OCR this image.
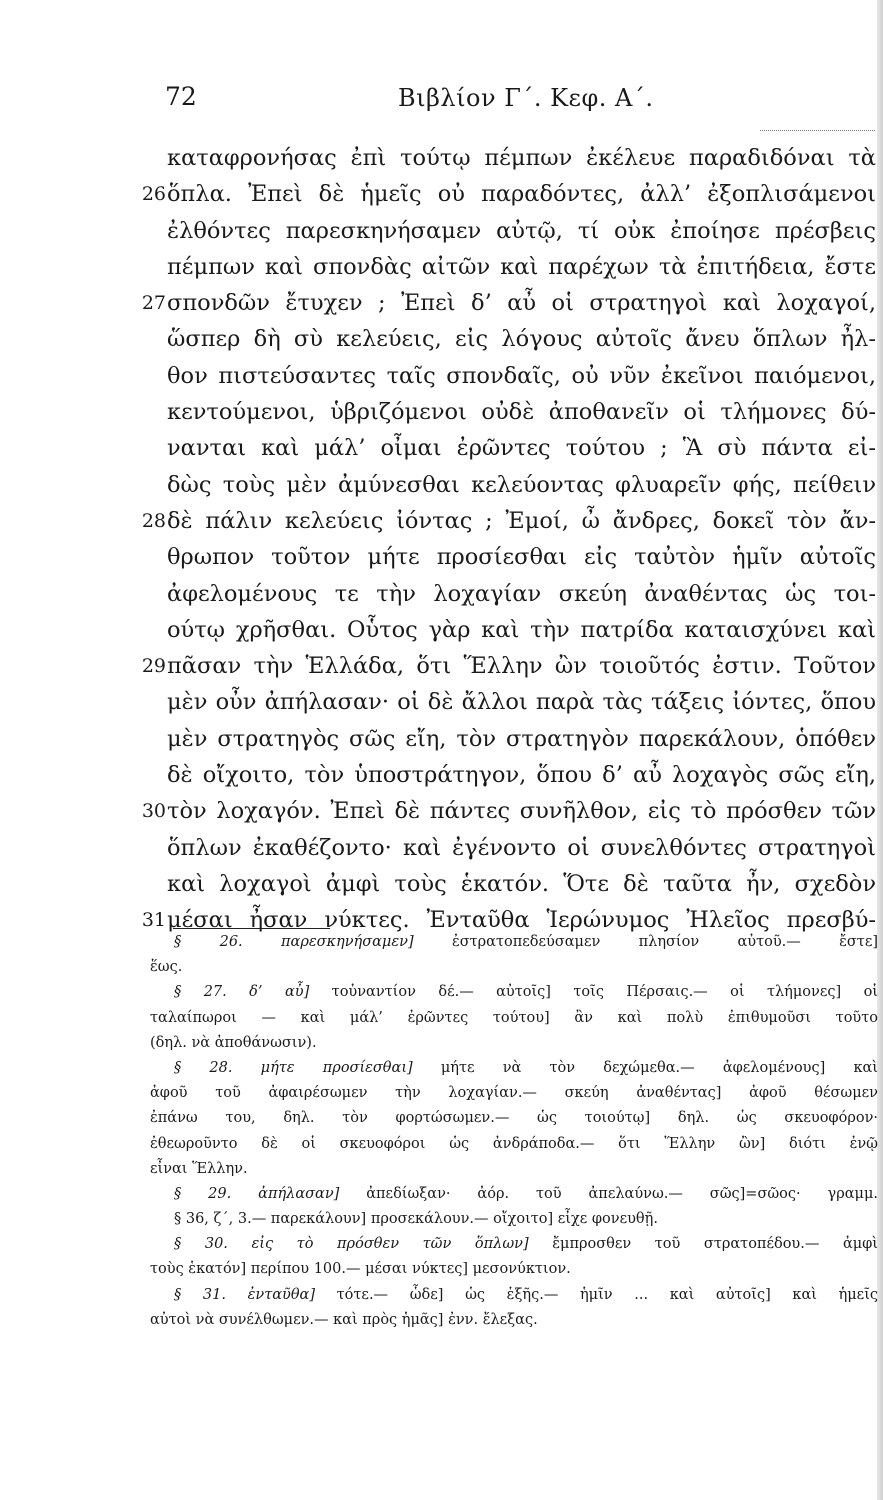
72	Βιβλίον Γ΄. Κεφ. Α΄.
καταφρονήσας ἐπὶ τούτῳ πέμπων ἐκέλευε παραδιδόναι τὰ
26 ὅπλα. Ἐπεὶ δὲ ἡμεῖς οὐ παραδόντες, ἀλλ’ ἐξοπλισάμενοι
ἐλθόντες παρεσκηνήσαμεν αὐτῷ, τί οὐκ ἐποίησε πρέσβεις
πέμπων καὶ σπονδὰς αἰτῶν καὶ παρέχων τὰ ἐπιτήδεια, ἔστε
27 σπονδῶν ἔτυχεν ; Ἐπεὶ δ’ αὖ οἱ στρατηγοὶ καὶ λοχαγοί,
ὥσπερ δὴ σὺ κελεύεις, εἰς λόγους αὐτοῖς ἄνευ ὅπλων ἦλ-
θον πιστεύσαντες ταῖς σπονδαῖς, οὐ νῦν ἐκεῖνοι παιόμενοι,
κεντούμενοι, ὑβριζόμενοι οὐδὲ ἀποθανεῖν οἱ τλήμονες δύ-
νανται καὶ μάλ’ οἶμαι ἐρῶντες τούτου ; Ἃ σὺ πάντα εἰ-
δὼς τοὺς μὲν ἀμύνεσθαι κελεύοντας φλυαρεῖν φής, πείθειν
28 δὲ πάλιν κελεύεις ἰόντας ; Ἐμοί, ὦ ἄνδρες, δοκεῖ τὸν ἄν-
θρωπον τοῦτον μήτε προσίεσθαι εἰς ταὐτὸν ἡμῖν αὐτοῖς
ἀφελομένους τε τὴν λοχαγίαν σκεύη ἀναθέντας ὡς τοι-
ούτῳ χρῆσθαι. Οὗτος γὰρ καὶ τὴν πατρίδα καταισχύνει καὶ
29 πᾶσαν τὴν Ἑλλάδα, ὅτι Ἕλλην ὢν τοιοῦτός ἐστιν. Τοῦτον
μὲν οὖν ἀπήλασαν· οἱ δὲ ἄλλοι παρὰ τὰς τάξεις ἰόντες, ὅπου
μὲν στρατηγὸς σῶς εἴη, τὸν στρατηγὸν παρεκάλουν, ὁπόθεν
δὲ οἴχοιτο, τὸν ὑποστράτηγον, ὅπου δ’ αὖ λοχαγὸς σῶς εἴη,
30 τὸν λοχαγόν. Ἐπεὶ δὲ πάντες συνῆλθον, εἰς τὸ πρόσθεν τῶν
ὅπλων ἐκαθέζοντο· καὶ ἐγένοντο οἱ συνελθόντες στρατηγοὶ
καὶ λοχαγοὶ ἀμφὶ τοὺς ἑκατόν. Ὅτε δὲ ταῦτα ἦν, σχεδὸν
31 μέσαι ἦσαν νύκτες. Ἐνταῦθα Ἱερώνυμος Ἠλεῖος πρεσβύ-
§ 26. παρεσκηνήσαμεν] ἐστρατοπεδεύσαμεν πλησίον αὐτοῦ.— ἔστε]
ἕως.
§ 27. δ’ αὖ] τοὐναντίον δέ.— αὐτοῖς] τοῖς Πέρσαις.— οἱ τλήμονες] οἱ
ταλαίπωροι — καὶ μάλ’ ἐρῶντες τούτου] ἂν καὶ πολὺ ἐπιθυμοῦσι τοῦτο
(δηλ. νὰ ἀποθάνωσιν).
§ 28. μήτε προσίεσθαι] μήτε νὰ τὸν δεχώμεθα.— ἀφελομένους] καὶ
ἀφοῦ τοῦ ἀφαιρέσωμεν τὴν λοχαγίαν.— σκεύη ἀναθέντας] ἀφοῦ θέσωμεν
ἐπάνω του, δηλ. τὸν φορτώσωμεν.— ὡς τοιούτῳ] δηλ. ὡς σκευοφόρον·
ἐθεωροῦντο δὲ οἱ σκευοφόροι ὡς ἀνδράποδα.— ὅτι Ἕλλην ὢν] διότι ἐνῷ
εἶναι Ἕλλην.
§ 29. ἀπήλασαν] ἀπεδίωξαν· ἀόρ. τοῦ ἀπελαύνω.— σῶς]=σῶος· γραμμ.
§ 36, ζ΄, 3.— παρεκάλουν] προσεκάλουν.— οἴχοιτο] εἶχε φονευθῇ.
§ 30. εἰς τὸ πρόσθεν τῶν ὅπλων] ἔμπροσθεν τοῦ στρατοπέδου.— ἀμφὶ
τοὺς ἑκατόν] περίπου 100.— μέσαι νύκτες] μεσονύκτιον.
§ 31. ἐνταῦθα] τότε.— ὧδε] ὡς ἑξῆς.— ἡμῖν ... καὶ αὐτοῖς] καὶ ἡμεῖς
αὐτοὶ νὰ συνέλθωμεν.— καὶ πρὸς ἡμᾶς] ἐνν. ἔλεξας.
